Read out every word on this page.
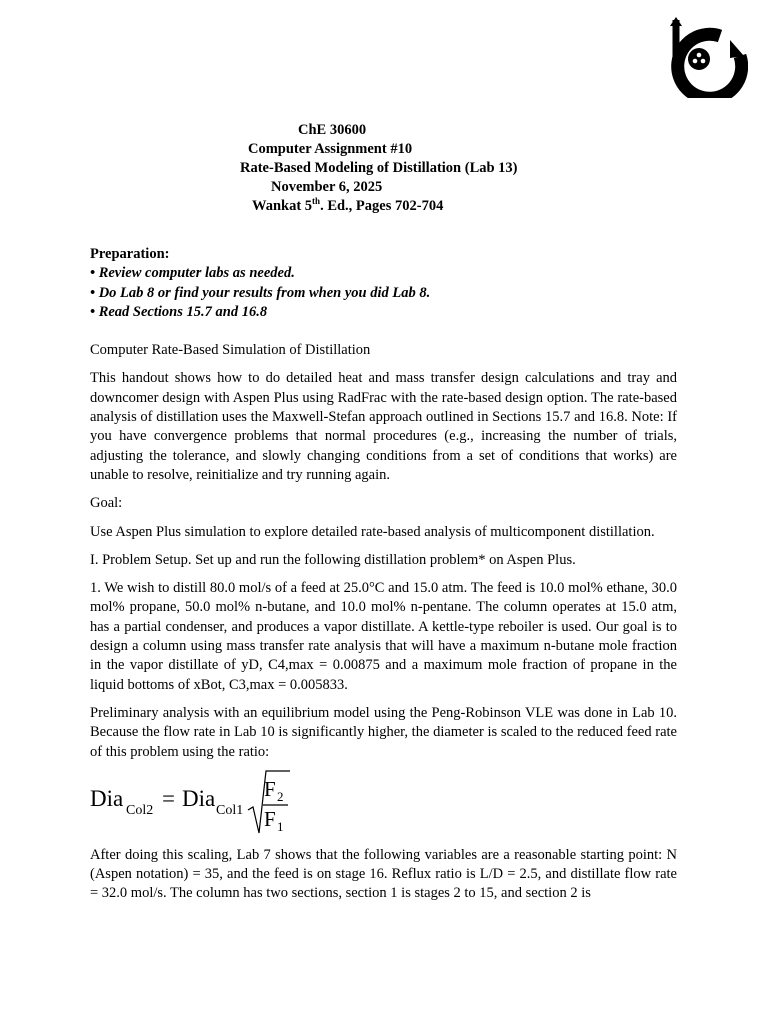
ChE 30600
Computer Assignment #10
Rate-Based Modeling of Distillation (Lab 13)
November 6, 2025
Wankat 5th. Ed., Pages 702-704
Preparation:
• Review computer labs as needed.
• Do Lab 8 or find your results from when you did Lab 8.
• Read Sections 15.7 and 16.8

Computer Rate-Based Simulation of Distillation

This handout shows how to do detailed heat and mass transfer design calculations and tray and downcomer design with Aspen Plus using RadFrac with the rate-based design option. The rate-based analysis of distillation uses the Maxwell-Stefan approach outlined in Sections 15.7 and 16.8. Note: If you have convergence problems that normal procedures (e.g., increasing the number of trials, adjusting the tolerance, and slowly changing conditions from a set of conditions that works) are unable to resolve, reinitialize and try running again.

Goal:

Use Aspen Plus simulation to explore detailed rate-based analysis of multicomponent distillation.

I. Problem Setup. Set up and run the following distillation problem* on Aspen Plus.

1. We wish to distill 80.0 mol/s of a feed at 25.0°C and 15.0 atm. The feed is 10.0 mol% ethane, 30.0 mol% propane, 50.0 mol% n-butane, and 10.0 mol% n-pentane. The column operates at 15.0 atm, has a partial condenser, and produces a vapor distillate. A kettle-type reboiler is used. Our goal is to design a column using mass transfer rate analysis that will have a maximum n-butane mole fraction in the vapor distillate of yD, C4,max = 0.00875 and a maximum mole fraction of propane in the liquid bottoms of xBot, C3,max = 0.005833.

Preliminary analysis with an equilibrium model using the Peng-Robinson VLE was done in Lab 10. Because the flow rate in Lab 10 is significantly higher, the diameter is scaled to the reduced feed rate of this problem using the ratio:

Dia Col2 = Dia Col1
F 2
F 1

After doing this scaling, Lab 7 shows that the following variables are a reasonable starting point: N (Aspen notation) = 35, and the feed is on stage 16. Reflux ratio is L/D = 2.5, and distillate flow rate = 32.0 mol/s. The column has two sections, section 1 is stages 2 to 15, and section 2 is
